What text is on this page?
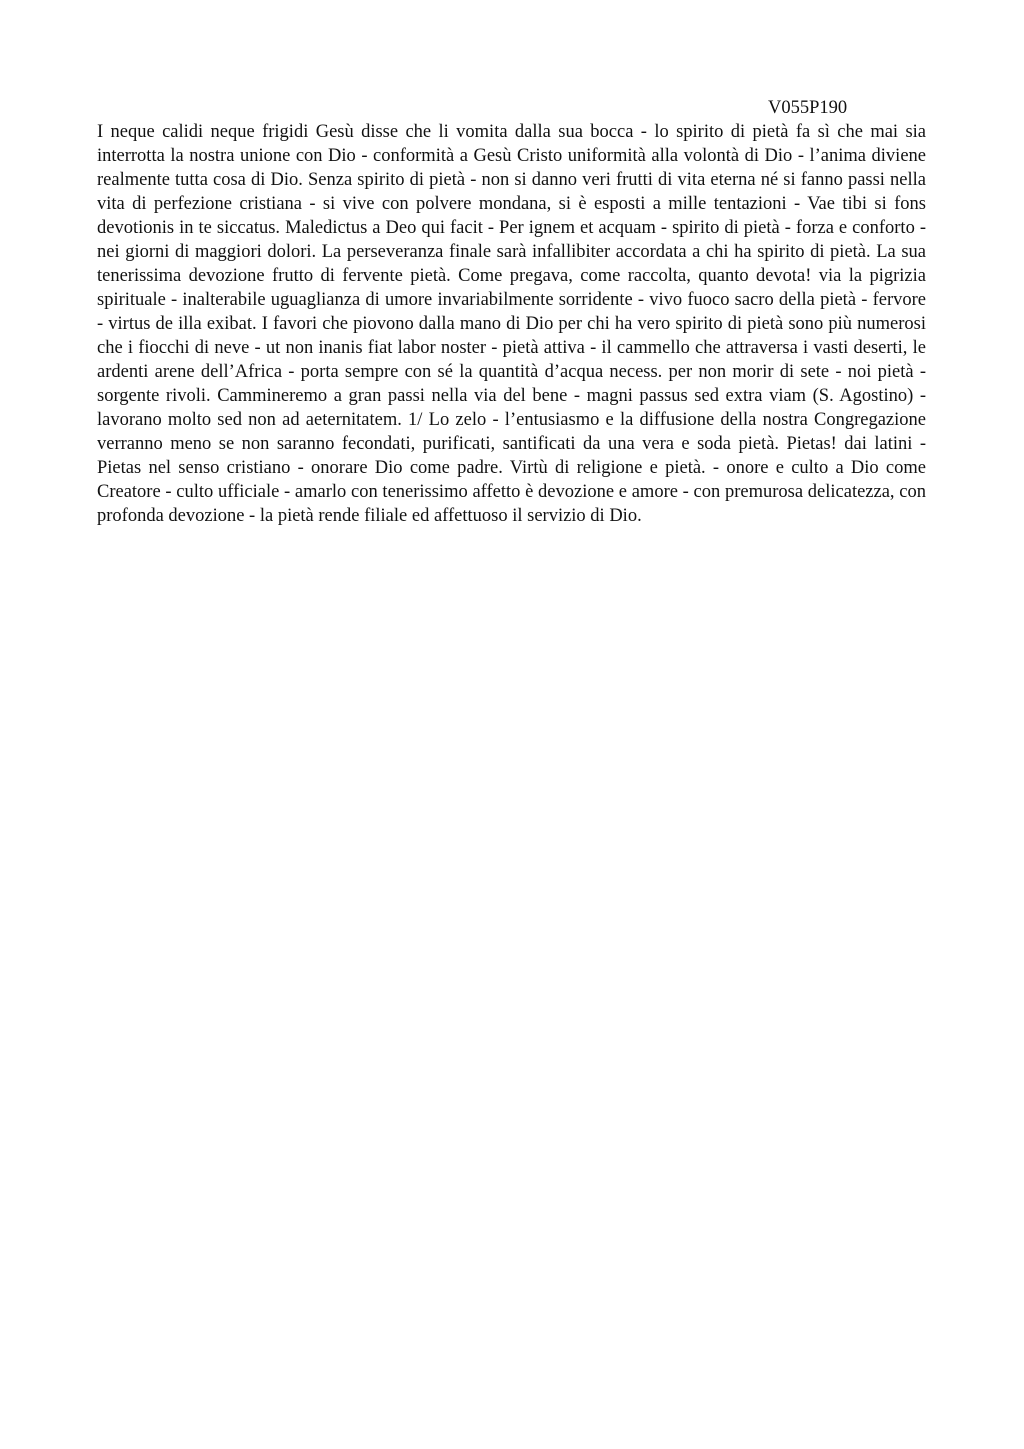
V055P190

I neque calidi neque frigidi Gesù disse che li vomita dalla sua bocca - lo spirito di pietà fa sì che mai sia interrotta la nostra unione con Dio - conformità a Gesù Cristo uniformità alla volontà di Dio - l’anima diviene realmente tutta cosa di Dio. Senza spirito di pietà - non si danno veri frutti di vita eterna né si fanno passi nella vita di perfezione cristiana - si vive con polvere mondana, si è esposti a mille tentazioni - Vae tibi si fons devotionis in te siccatus. Maledictus a Deo qui facit - Per ignem et acquam - spirito di pietà - forza e conforto - nei giorni di maggiori dolori. La perseveranza finale sarà infallibiter accordata a chi ha spirito di pietà. La sua tenerissima devozione frutto di fervente pietà. Come pregava, come raccolta, quanto devota! via la pigrizia spirituale - inalterabile uguaglianza di umore invariabilmente sorridente - vivo fuoco sacro della pietà - fervore - virtus de illa exibat. I favori che piovono dalla mano di Dio per chi ha vero spirito di pietà sono più numerosi che i fiocchi di neve - ut non inanis fiat labor noster - pietà attiva - il cammello che attraversa i vasti deserti, le ardenti arene dell’Africa - porta sempre con sé la quantità d’acqua necess. per non morir di sete - noi pietà - sorgente rivoli. Cammineremo a gran passi nella via del bene - magni passus sed extra viam (S. Agostino) - lavorano molto sed non ad aeternitatem. 1/ Lo zelo - l’entusiasmo e la diffusione della nostra Congregazione verranno meno se non saranno fecondati, purificati, santificati da una vera e soda pietà. Pietas! dai latini - Pietas nel senso cristiano - onorare Dio come padre. Virtù di religione e pietà. - onore e culto a Dio come Creatore - culto ufficiale - amarlo con tenerissimo affetto è devozione e amore - con premurosa delicatezza, con profonda devozione - la pietà rende filiale ed affettuoso il servizio di Dio.
